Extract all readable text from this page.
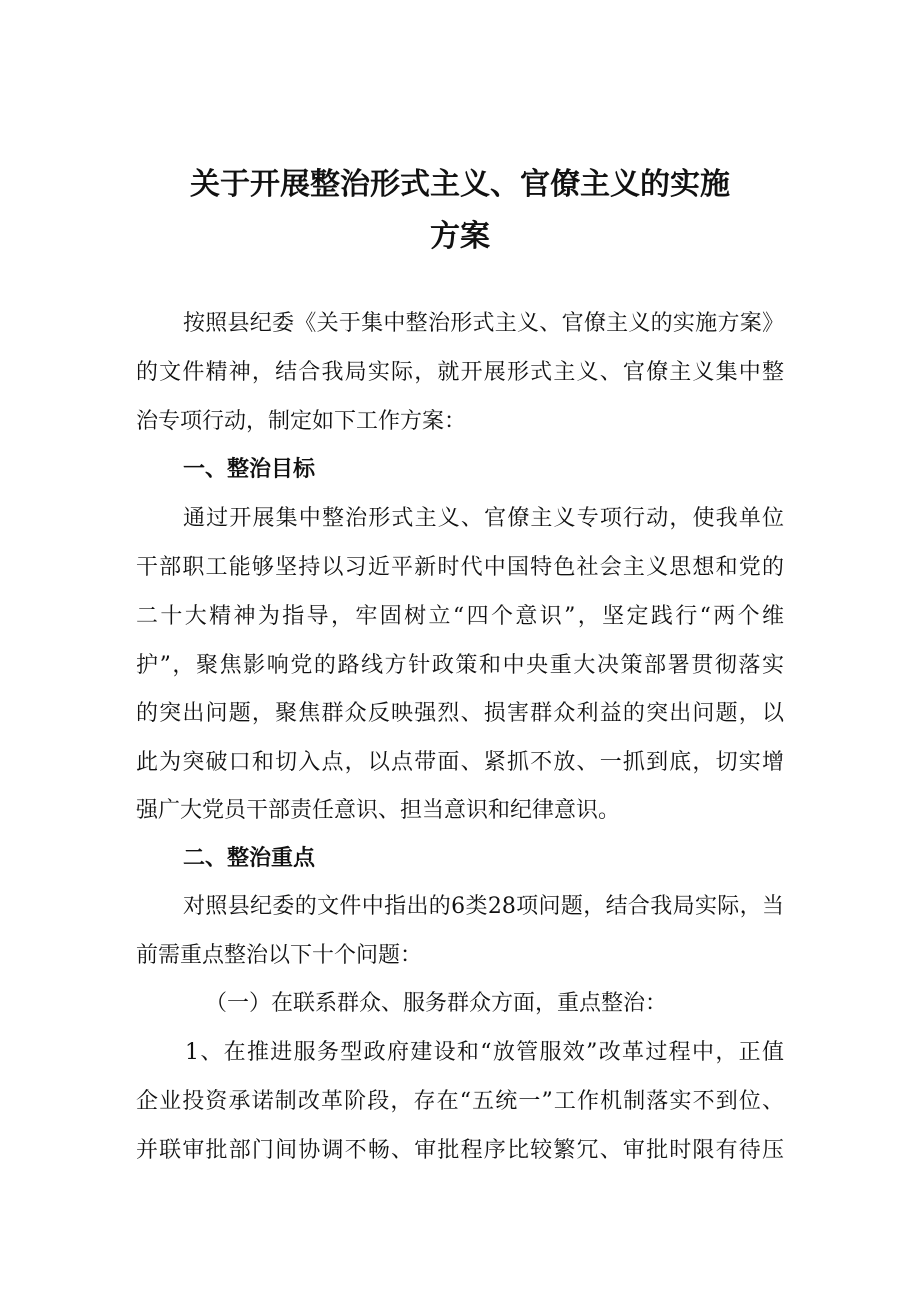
关于开展整治形式主义、官僚主义的实施
方案
按照县纪委《关于集中整治形式主义、官僚主义的实施方案》
的文件精神，结合我局实际，就开展形式主义、官僚主义集中整
治专项行动，制定如下工作方案：
一、整治目标
通过开展集中整治形式主义、官僚主义专项行动，使我单位
干部职工能够坚持以习近平新时代中国特色社会主义思想和党的
二十大精神为指导，牢固树立“四个意识”，坚定践行“两个维
护”，聚焦影响党的路线方针政策和中央重大决策部署贯彻落实
的突出问题，聚焦群众反映强烈、损害群众利益的突出问题，以
此为突破口和切入点，以点带面、紧抓不放、一抓到底，切实增
强广大党员干部责任意识、担当意识和纪律意识。
二、整治重点
对照县纪委的文件中指出的6类28项问题，结合我局实际，当
前需重点整治以下十个问题：
（一）在联系群众、服务群众方面，重点整治：
1、在推进服务型政府建设和“放管服效”改革过程中，正值
企业投资承诺制改革阶段，存在“五统一”工作机制落实不到位、
并联审批部门间协调不畅、审批程序比较繁冗、审批时限有待压
